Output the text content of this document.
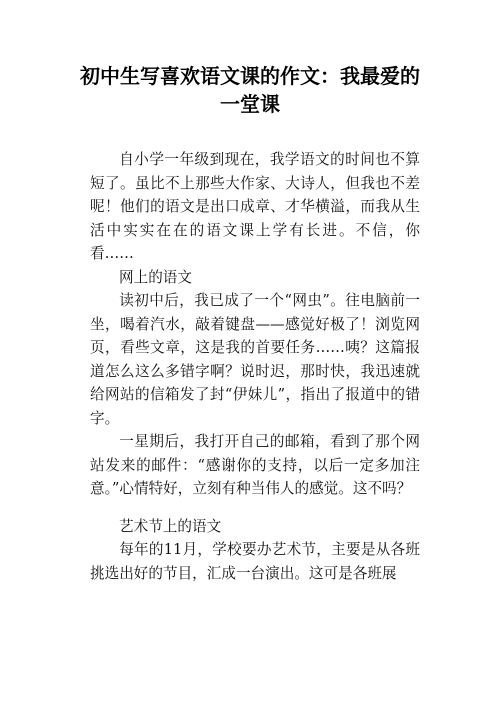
初中生写喜欢语文课的作文：我最爱的一堂课

自小学一年级到现在，我学语文的时间也不算短了。虽比不上那些大作家、大诗人，但我也不差呢！他们的语文是出口成章、才华横溢，而我从生活中实实在在的语文课上学有长进。不信，你看……

网上的语文

读初中后，我已成了一个“网虫”。往电脑前一坐，喝着汽水，敲着键盘——感觉好极了！浏览网页，看些文章，这是我的首要任务……咦？这篇报道怎么这么多错字啊？说时迟，那时快，我迅速就给网站的信箱发了封“伊妹儿”，指出了报道中的错字。

一星期后，我打开自己的邮箱，看到了那个网站发来的邮件：“感谢你的支持，以后一定多加注意。”心情特好，立刻有种当伟人的感觉。这不吗？

艺术节上的语文

每年的11月，学校要办艺术节，主要是从各班挑选出好的节目，汇成一台演出。这可是各班展
